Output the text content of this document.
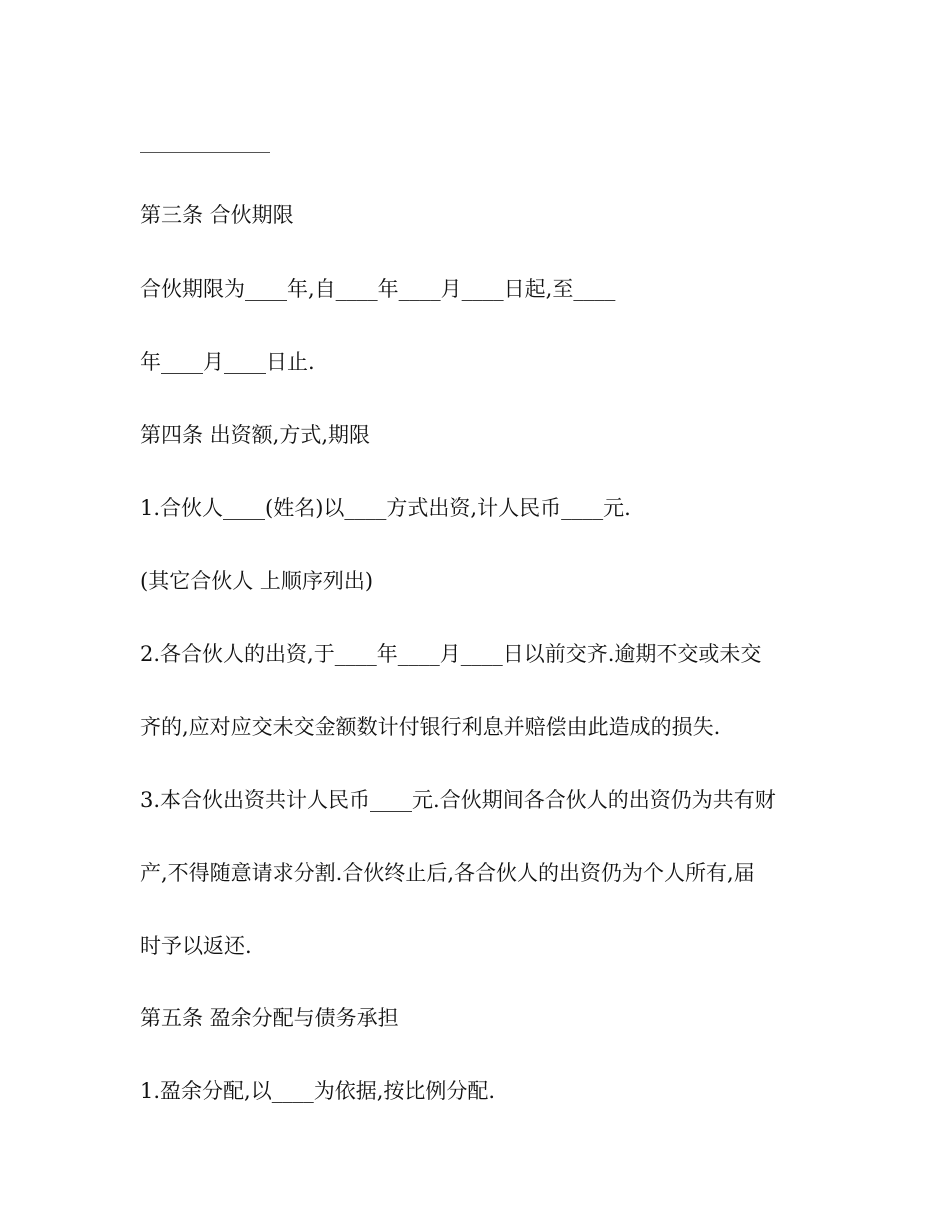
第三条 合伙期限

合伙期限为____年,自____年____月____日起,至____

年____月____日止.

第四条 出资额,方式,期限

1.合伙人____(姓名)以____方式出资,计人民币____元.

(其它合伙人 上顺序列出)

2.各合伙人的出资,于____年____月____日以前交齐.逾期不交或未交

齐的,应对应交未交金额数计付银行利息并赔偿由此造成的损失.

3.本合伙出资共计人民币____元.合伙期间各合伙人的出资仍为共有财

产,不得随意请求分割.合伙终止后,各合伙人的出资仍为个人所有,届

时予以返还.

第五条 盈余分配与债务承担

1.盈余分配,以____为依据,按比例分配.
